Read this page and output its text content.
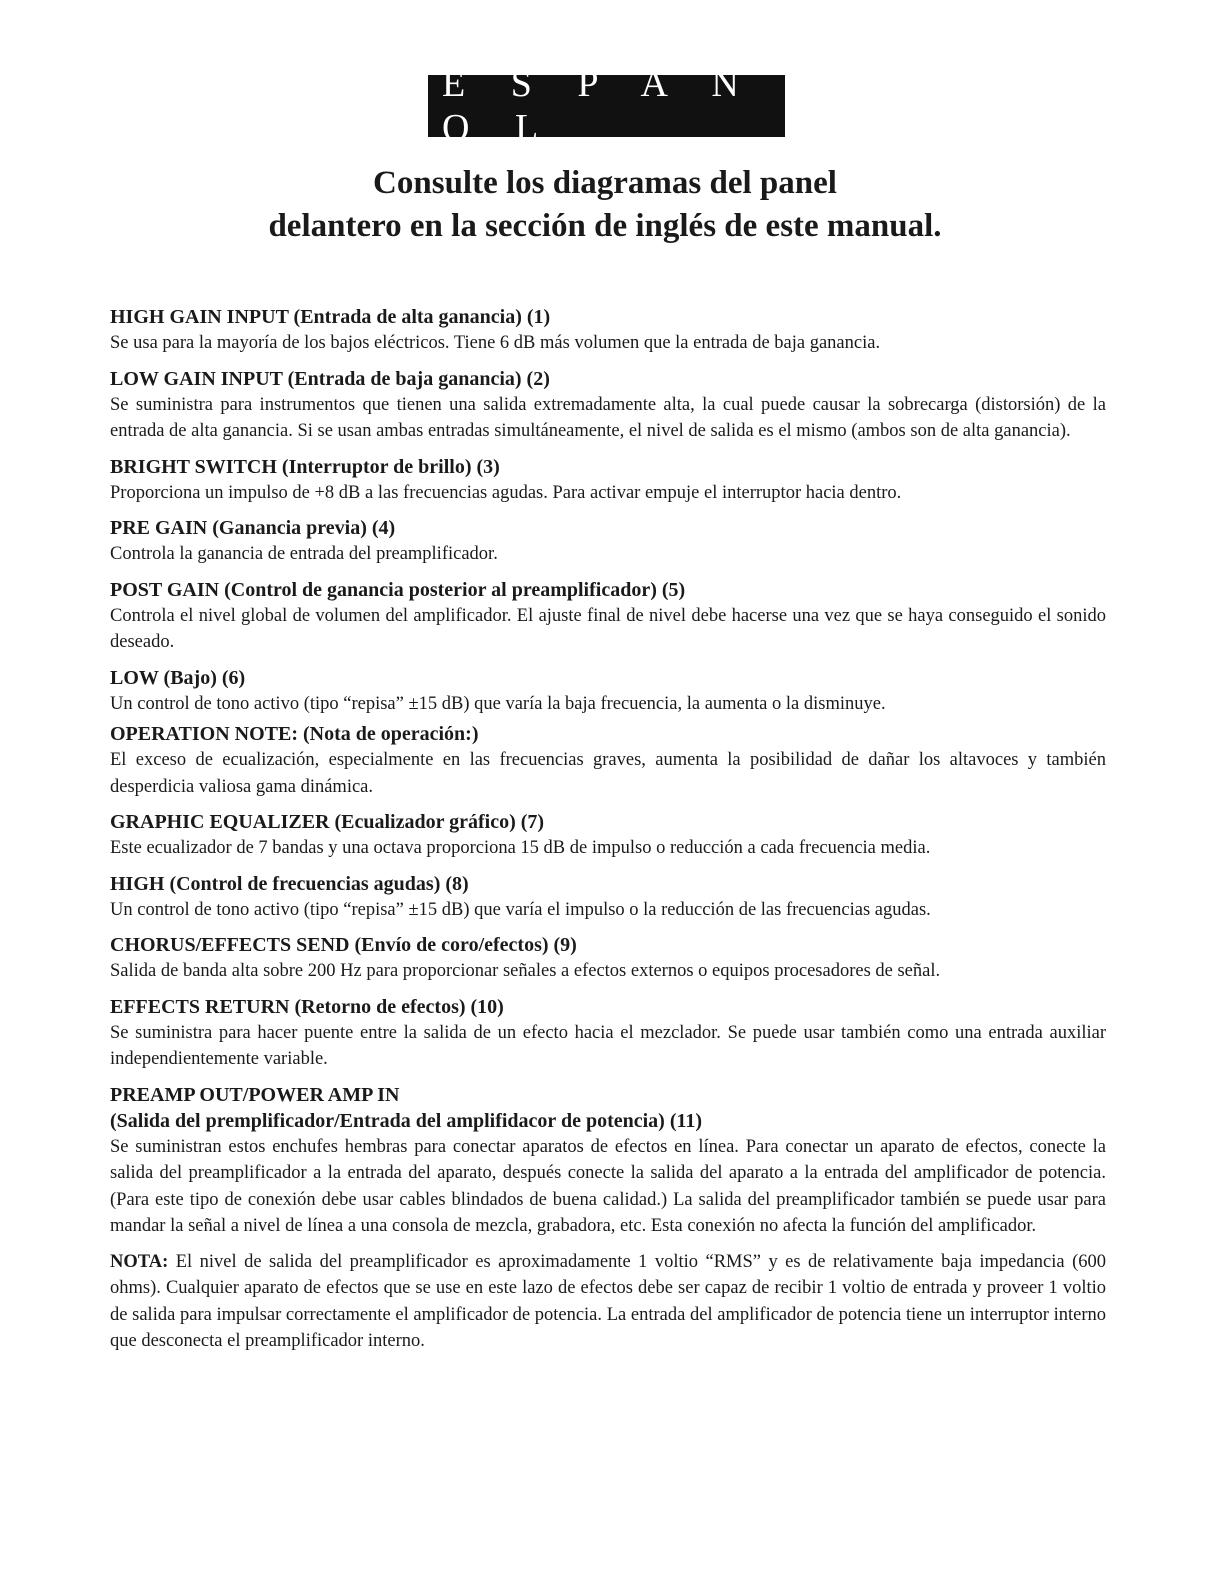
E S P A Ñ O L
Consulte los diagramas del panel
delantero en la sección de inglés de este manual.
HIGH GAIN INPUT (Entrada de alta ganancia) (1)
Se usa para la mayoría de los bajos eléctricos. Tiene 6 dB más volumen que la entrada de baja ganancia.
LOW GAIN INPUT (Entrada de baja ganancia) (2)
Se suministra para instrumentos que tienen una salida extremadamente alta, la cual puede causar la sobrecarga (distorsión) de la entrada de alta ganancia. Si se usan ambas entradas simultáneamente, el nivel de salida es el mismo (ambos son de alta ganancia).
BRIGHT SWITCH (Interruptor de brillo) (3)
Proporciona un impulso de +8 dB a las frecuencias agudas. Para activar empuje el interruptor hacia dentro.
PRE GAIN (Ganancia previa) (4)
Controla la ganancia de entrada del preamplificador.
POST GAIN (Control de ganancia posterior al preamplificador) (5)
Controla el nivel global de volumen del amplificador. El ajuste final de nivel debe hacerse una vez que se haya conseguido el sonido deseado.
LOW (Bajo) (6)
Un control de tono activo (tipo “repisa” ±15 dB) que varía la baja frecuencia, la aumenta o la disminuye.
OPERATION NOTE: (Nota de operación:)
El exceso de ecualización, especialmente en las frecuencias graves, aumenta la posibilidad de dañar los altavoces y también desperdicia valiosa gama dinámica.
GRAPHIC EQUALIZER (Ecualizador gráfico) (7)
Este ecualizador de 7 bandas y una octava proporciona 15 dB de impulso o reducción a cada frecuencia media.
HIGH (Control de frecuencias agudas) (8)
Un control de tono activo (tipo “repisa” ±15 dB) que varía el impulso o la reducción de las frecuencias agudas.
CHORUS/EFFECTS SEND (Envío de coro/efectos) (9)
Salida de banda alta sobre 200 Hz para proporcionar señales a efectos externos o equipos procesadores de señal.
EFFECTS RETURN (Retorno de efectos) (10)
Se suministra para hacer puente entre la salida de un efecto hacia el mezclador. Se puede usar también como una entrada auxiliar independientemente variable.
PREAMP OUT/POWER AMP IN
(Salida del premplificador/Entrada del amplifidacor de potencia) (11)
Se suministran estos enchufes hembras para conectar aparatos de efectos en línea. Para conectar un aparato de efectos, conecte la salida del preamplificador a la entrada del aparato, después conecte la salida del aparato a la entrada del amplificador de potencia. (Para este tipo de conexión debe usar cables blindados de buena calidad.) La salida del preamplificador también se puede usar para mandar la señal a nivel de línea a una consola de mezcla, grabadora, etc. Esta conexión no afecta la función del amplificador.
NOTA: El nivel de salida del preamplificador es aproximadamente 1 voltio “RMS” y es de relativamente baja impedancia (600 ohms). Cualquier aparato de efectos que se use en este lazo de efectos debe ser capaz de recibir 1 voltio de entrada y proveer 1 voltio de salida para impulsar correctamente el amplificador de potencia. La entrada del amplificador de potencia tiene un interruptor interno que desconecta el preamplificador interno.
